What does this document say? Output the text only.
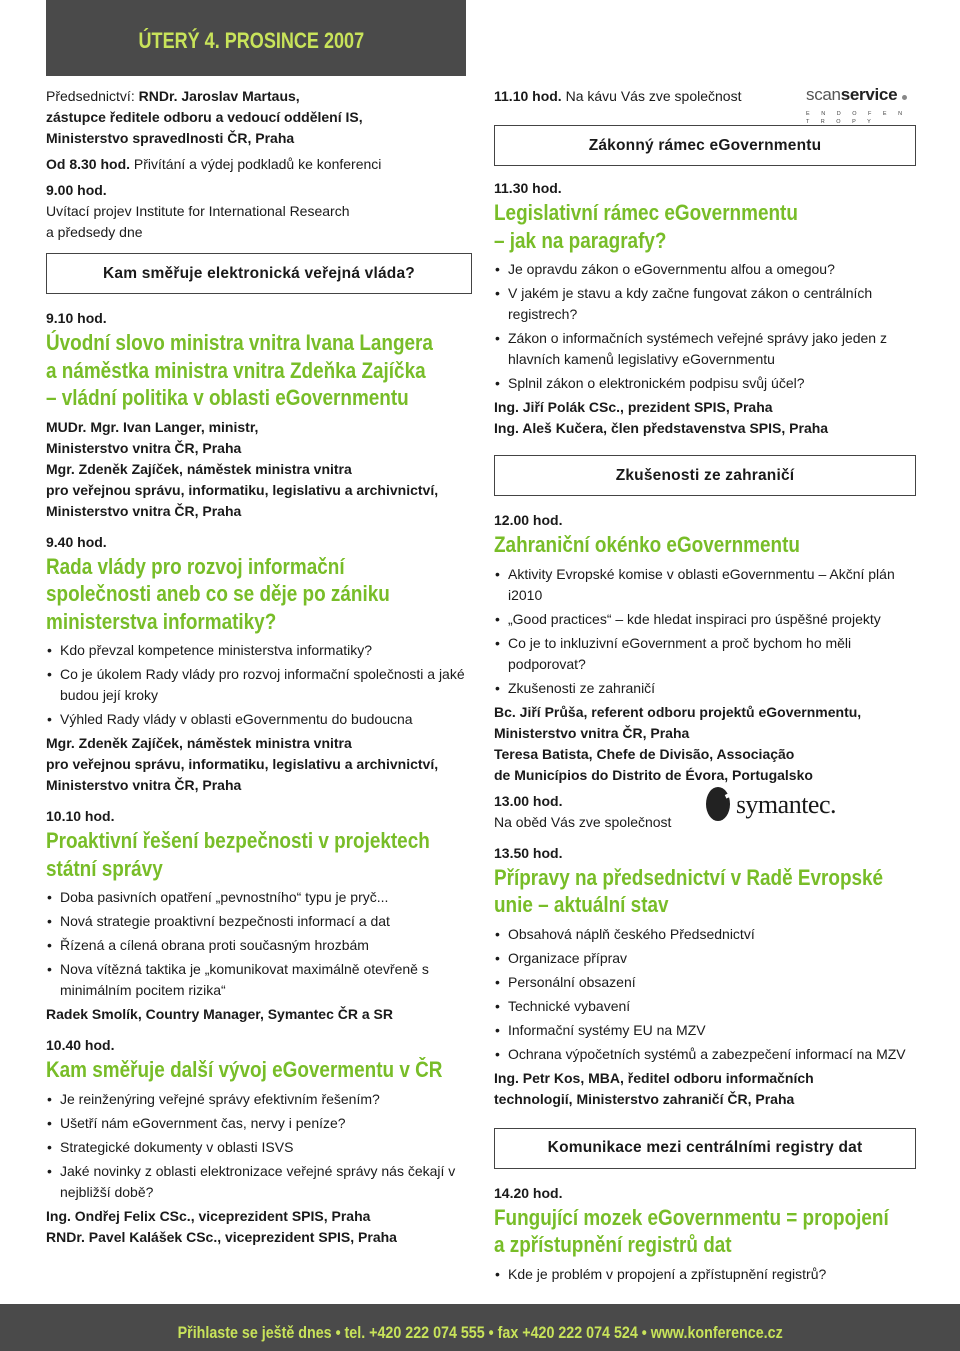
ÚTERÝ 4. PROSINCE 2007
Předsednictví: RNDr. Jaroslav Martaus,
zástupce ředitele odboru a vedoucí oddělení IS,
Ministerstvo spravedlnosti ČR, Praha
Od 8.30 hod. Přivítání a výdej podkladů ke konferenci
9.00 hod.
Uvítací projev Institute for International Research
a předsedy dne
Kam směřuje elektronická veřejná vláda?
9.10 hod.
Úvodní slovo ministra vnitra Ivana Langera
a náměstka ministra vnitra Zdeňka Zajíčka
– vládní politika v oblasti eGovernmentu
MUDr. Mgr. Ivan Langer, ministr,
Ministerstvo vnitra ČR, Praha
Mgr. Zdeněk Zajíček, náměstek ministra vnitra
pro veřejnou správu, informatiku, legislativu a archivnictví,
Ministerstvo vnitra ČR, Praha
9.40 hod.
Rada vlády pro rozvoj informační
společnosti aneb co se děje po zániku
ministerstva informatiky?
• Kdo převzal kompetence ministerstva informatiky?
• Co je úkolem Rady vlády pro rozvoj informační společnosti a jaké budou její kroky
• Výhled Rady vlády v oblasti eGovernmentu do budoucna
Mgr. Zdeněk Zajíček, náměstek ministra vnitra
pro veřejnou správu, informatiku, legislativu a archivnictví,
Ministerstvo vnitra ČR, Praha
10.10 hod.
Proaktivní řešení bezpečnosti v projektech
státní správy
• Doba pasivních opatření „pevnostního“ typu je pryč...
• Nová strategie proaktivní bezpečnosti informací a dat
• Řízená a cílená obrana proti současným hrozbám
• Nova vítězná taktika je „komunikovat maximálně otevřeně s minimálním pocitem rizika“
Radek Smolík, Country Manager, Symantec ČR a SR
10.40 hod.
Kam směřuje další vývoj eGovermentu v ČR
• Je reinženýring veřejné správy efektivním řešením?
• Ušetří nám eGovernment čas, nervy i peníze?
• Strategické dokumenty v oblasti ISVS
• Jaké novinky z oblasti elektronizace veřejné správy nás čekají v nejbližší době?
Ing. Ondřej Felix CSc., viceprezident SPIS, Praha
RNDr. Pavel Kalášek CSc., viceprezident SPIS, Praha
11.10 hod. Na kávu Vás zve společnost
Zákonný rámec eGovernmentu
11.30 hod.
Legislativní rámec eGovernmentu
– jak na paragrafy?
• Je opravdu zákon o eGovernmentu alfou a omegou?
• V jakém je stavu a kdy začne fungovat zákon o centrálních registrech?
• Zákon o informačních systémech veřejné správy jako jeden z hlavních kamenů legislativy eGovernmentu
• Splnil zákon o elektronickém podpisu svůj účel?
Ing. Jiří Polák CSc., prezident SPIS, Praha
Ing. Aleš Kučera, člen představenstva SPIS, Praha
Zkušenosti ze zahraničí
12.00 hod.
Zahraniční okénko eGovernmentu
• Aktivity Evropské komise v oblasti eGovernmentu – Akční plán i2010
• „Good practices“ – kde hledat inspiraci pro úspěšné projekty
• Co je to inkluzivní eGovernment a proč bychom ho měli podporovat?
• Zkušenosti ze zahraničí
Bc. Jiří Průša, referent odboru projektů eGovernmentu,
Ministerstvo vnitra ČR, Praha
Teresa Batista, Chefe de Divisão, Associação
de Municípios do Distrito de Évora, Portugalsko
13.00 hod.
Na oběd Vás zve společnost
13.50 hod.
Přípravy na předsednictví v Radě Evropské
unie – aktuální stav
• Obsahová náplň českého Předsednictví
• Organizace příprav
• Personální obsazení
• Technické vybavení
• Informační systémy EU na MZV
• Ochrana výpočetních systémů a zabezpečení informací na MZV
Ing. Petr Kos, MBA, ředitel odboru informačních
technologií, Ministerstvo zahraničí ČR, Praha
Komunikace mezi centrálními registry dat
14.20 hod.
Fungující mozek eGovernmentu = propojení
a zpřístupnění registrů dat
• Kde je problém v propojení a zpřístupnění registrů?
scanservice
E N D O F E N T R O P Y
symantec.
Přihlaste se ještě dnes • tel. +420 222 074 555 • fax +420 222 074 524 • www.konference.cz
